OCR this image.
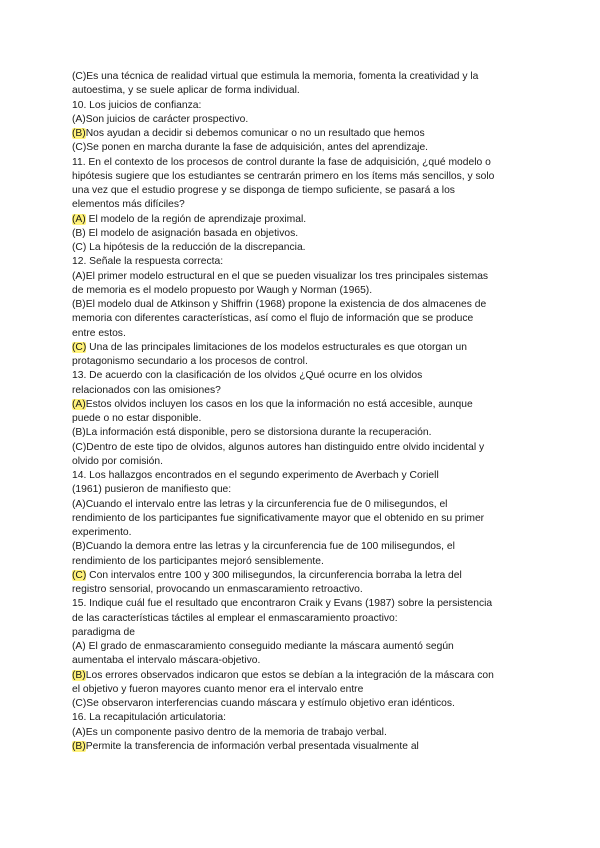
(C)Es una técnica de realidad virtual que estimula la memoria, fomenta la creatividad y la
autoestima, y se suele aplicar de forma individual.
10. Los juicios de confianza:
(A)Son juicios de carácter prospectivo.
(B)Nos ayudan a decidir si debemos comunicar o no un resultado que hemos
(C)Se ponen en marcha durante la fase de adquisición, antes del aprendizaje.
11. En el contexto de los procesos de control durante la fase de adquisición, ¿qué modelo o
hipótesis sugiere que los estudiantes se centrarán primero en los ítems más sencillos, y solo
una vez que el estudio progrese y se disponga de tiempo suficiente, se pasará a los
elementos más difíciles?
(A) El modelo de la región de aprendizaje proximal.
(B) El modelo de asignación basada en objetivos.
(C) La hipótesis de la reducción de la discrepancia.
12. Señale la respuesta correcta:
(A)El primer modelo estructural en el que se pueden visualizar los tres principales sistemas
de memoria es el modelo propuesto por Waugh y Norman (1965).
(B)El modelo dual de Atkinson y Shiffrin (1968) propone la existencia de dos almacenes de
memoria con diferentes características, así como el flujo de información que se produce
entre estos.
(C) Una de las principales limitaciones de los modelos estructurales es que otorgan un
protagonismo secundario a los procesos de control.
13. De acuerdo con la clasificación de los olvidos ¿Qué ocurre en los olvidos
relacionados con las omisiones?
(A)Estos olvidos incluyen los casos en los que la información no está accesible, aunque
puede o no estar disponible.
(B)La información está disponible, pero se distorsiona durante la recuperación.
(C)Dentro de este tipo de olvidos, algunos autores han distinguido entre olvido incidental y
olvido por comisión.
14. Los hallazgos encontrados en el segundo experimento de Averbach y Coriell
(1961) pusieron de manifiesto que:
(A)Cuando el intervalo entre las letras y la circunferencia fue de 0 milisegundos, el
rendimiento de los participantes fue significativamente mayor que el obtenido en su primer
experimento.
(B)Cuando la demora entre las letras y la circunferencia fue de 100 milisegundos, el
rendimiento de los participantes mejoró sensiblemente.
(C) Con intervalos entre 100 y 300 milisegundos, la circunferencia borraba la letra del
registro sensorial, provocando un enmascaramiento retroactivo.
15. Indique cuál fue el resultado que encontraron Craik y Evans (1987) sobre la persistencia
de las características táctiles al emplear el enmascaramiento proactivo:
paradigma de
(A) El grado de enmascaramiento conseguido mediante la máscara aumentó según
aumentaba el intervalo máscara-objetivo.
(B)Los errores observados indicaron que estos se debían a la integración de la máscara con
el objetivo y fueron mayores cuanto menor era el intervalo entre
(C)Se observaron interferencias cuando máscara y estímulo objetivo eran idénticos.
16. La recapitulación articulatoria:
(A)Es un componente pasivo dentro de la memoria de trabajo verbal.
(B)Permite la transferencia de información verbal presentada visualmente al
